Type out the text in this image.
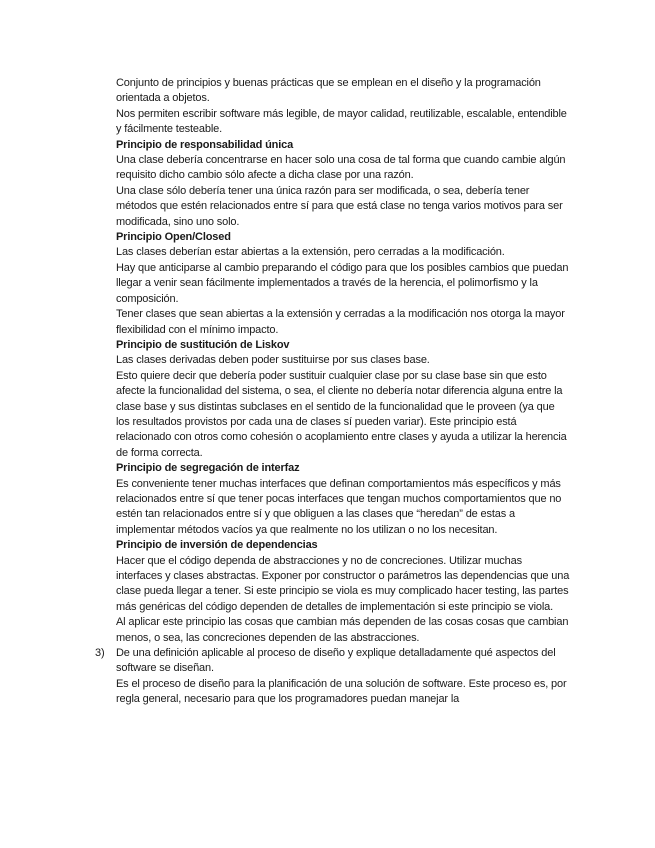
Conjunto de principios y buenas prácticas que se emplean en el diseño y la programación orientada a objetos.

Nos permiten escribir software más legible, de mayor calidad, reutilizable, escalable, entendible y fácilmente testeable.

Principio de responsabilidad única

Una clase debería concentrarse en hacer solo una cosa de tal forma que cuando cambie algún requisito dicho cambio sólo afecte a dicha clase por una razón.

Una clase sólo debería tener una única razón para ser modificada, o sea, debería tener métodos que estén relacionados entre sí para que está clase no tenga varios motivos para ser modificada, sino uno solo.

Principio Open/Closed

Las clases deberían estar abiertas a la extensión, pero cerradas a la modificación.

Hay que anticiparse al cambio preparando el código para que los posibles cambios que puedan llegar a venir sean fácilmente implementados a través de la herencia, el polimorfismo y la composición.

Tener clases que sean abiertas a la extensión y cerradas a la modificación nos otorga la mayor flexibilidad con el mínimo impacto.

Principio de sustitución de Liskov

Las clases derivadas deben poder sustituirse por sus clases base.

Esto quiere decir que debería poder sustituir cualquier clase por su clase base sin que esto afecte la funcionalidad del sistema, o sea, el cliente no debería notar diferencia alguna entre la clase base y sus distintas subclases en el sentido de la funcionalidad que le proveen (ya que los resultados provistos por cada una de clases sí pueden variar). Este principio está relacionado con otros como cohesión o acoplamiento entre clases y ayuda a utilizar la herencia de forma correcta.

Principio de segregación de interfaz

Es conveniente tener muchas interfaces que definan comportamientos más específicos y más relacionados entre sí que tener pocas interfaces que tengan muchos comportamientos que no estén tan relacionados entre sí y que obliguen a las clases que “heredan” de estas a implementar métodos vacíos ya que realmente no los utilizan o no los necesitan.

Principio de inversión de dependencias

Hacer que el código dependa de abstracciones y no de concreciones. Utilizar muchas interfaces y clases abstractas. Exponer por constructor o parámetros las dependencias que una clase pueda llegar a tener. Si este principio se viola es muy complicado hacer testing, las partes más genéricas del código dependen de detalles de implementación si este principio se viola.

Al aplicar este principio las cosas que cambian más dependen de las cosas cosas que cambian menos, o sea, las concreciones dependen de las abstracciones.

3) De una definición aplicable al proceso de diseño y explique detalladamente qué aspectos del software se diseñan.

Es el proceso de diseño para la planificación de una solución de software. Este proceso es, por regla general, necesario para que los programadores puedan manejar la
